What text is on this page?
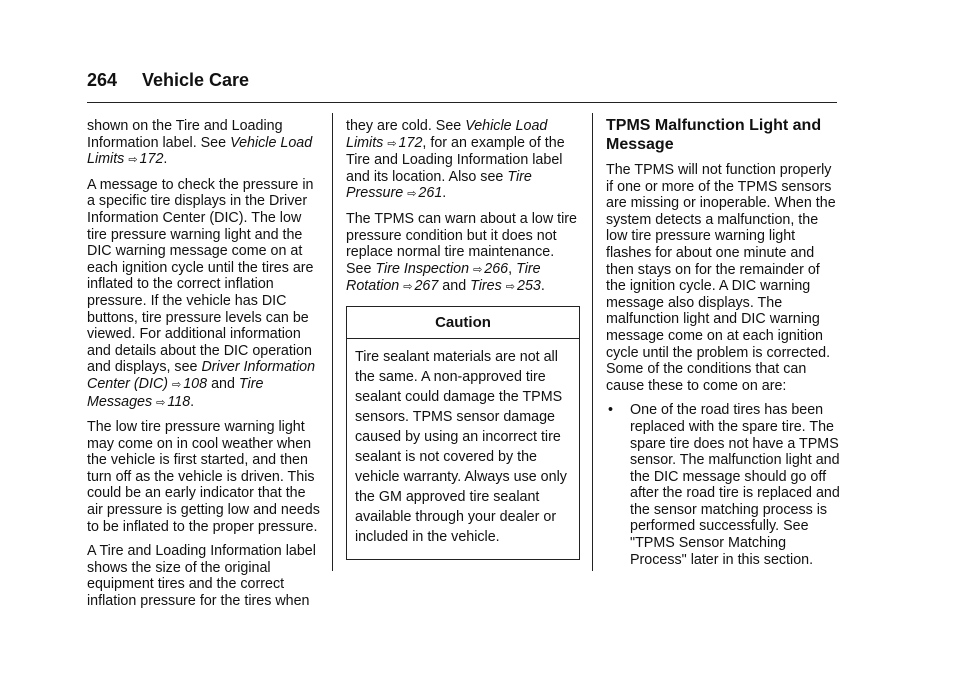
264 Vehicle Care

shown on the Tire and Loading Information label. See Vehicle Load Limits ⇨ 172.

A message to check the pressure in a specific tire displays in the Driver Information Center (DIC). The low tire pressure warning light and the DIC warning message come on at each ignition cycle until the tires are inflated to the correct inflation pressure. If the vehicle has DIC buttons, tire pressure levels can be viewed. For additional information and details about the DIC operation and displays, see Driver Information Center (DIC) ⇨ 108 and Tire Messages ⇨ 118.

The low tire pressure warning light may come on in cool weather when the vehicle is first started, and then turn off as the vehicle is driven. This could be an early indicator that the air pressure is getting low and needs to be inflated to the proper pressure.

A Tire and Loading Information label shows the size of the original equipment tires and the correct inflation pressure for the tires when

they are cold. See Vehicle Load Limits ⇨ 172, for an example of the Tire and Loading Information label and its location. Also see Tire Pressure ⇨ 261.

The TPMS can warn about a low tire pressure condition but it does not replace normal tire maintenance. See Tire Inspection ⇨ 266, Tire Rotation ⇨ 267 and Tires ⇨ 253.

Caution
Tire sealant materials are not all the same. A non-approved tire sealant could damage the TPMS sensors. TPMS sensor damage caused by using an incorrect tire sealant is not covered by the vehicle warranty. Always use only the GM approved tire sealant available through your dealer or included in the vehicle.
TPMS Malfunction Light and Message

The TPMS will not function properly if one or more of the TPMS sensors are missing or inoperable. When the system detects a malfunction, the low tire pressure warning light flashes for about one minute and then stays on for the remainder of the ignition cycle. A DIC warning message also displays. The malfunction light and DIC warning message come on at each ignition cycle until the problem is corrected. Some of the conditions that can cause these to come on are:

•	One of the road tires has been replaced with the spare tire. The spare tire does not have a TPMS sensor. The malfunction light and the DIC message should go off after the road tire is replaced and the sensor matching process is performed successfully. See "TPMS Sensor Matching Process" later in this section.
